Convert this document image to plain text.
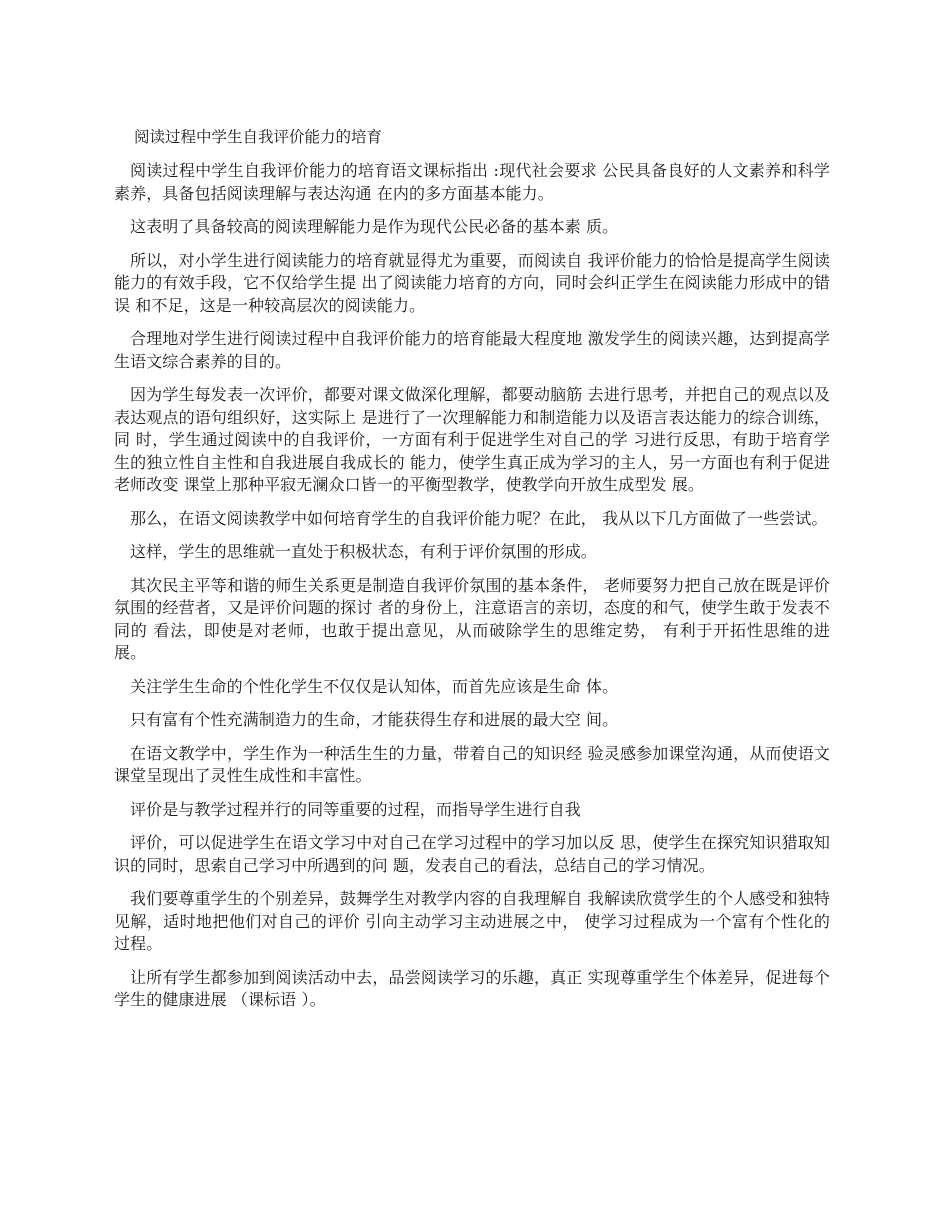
阅读过程中学生自我评价能力的培育

阅读过程中学生自我评价能力的培育语文课标指出 :现代社会要求 公民具备良好的人文素养和科学素养，具备包括阅读理解与表达沟通 在内的多方面基本能力。

这表明了具备较高的阅读理解能力是作为现代公民必备的基本素 质。

所以，对小学生进行阅读能力的培育就显得尤为重要，而阅读自 我评价能力的恰恰是提高学生阅读能力的有效手段，它不仅给学生提 出了阅读能力培育的方向，同时会纠正学生在阅读能力形成中的错误 和不足，这是一种较高层次的阅读能力。

合理地对学生进行阅读过程中自我评价能力的培育能最大程度地 激发学生的阅读兴趣，达到提高学生语文综合素养的目的。

因为学生每发表一次评价，都要对课文做深化理解，都要动脑筋 去进行思考，并把自己的观点以及表达观点的语句组织好，这实际上 是进行了一次理解能力和制造能力以及语言表达能力的综合训练，同 时，学生通过阅读中的自我评价，一方面有利于促进学生对自己的学 习进行反思，有助于培育学生的独立性自主性和自我进展自我成长的 能力，使学生真正成为学习的主人，另一方面也有利于促进老师改变 课堂上那种平寂无澜众口皆一的平衡型教学，使教学向开放生成型发 展。

那么，在语文阅读教学中如何培育学生的自我评价能力呢？在此， 我从以下几方面做了一些尝试。

这样，学生的思维就一直处于积极状态，有利于评价氛围的形成。

其次民主平等和谐的师生关系更是制造自我评价氛围的基本条件， 老师要努力把自己放在既是评价氛围的经营者，又是评价问题的探讨 者的身份上，注意语言的亲切，态度的和气，使学生敢于发表不同的 看法，即使是对老师，也敢于提出意见，从而破除学生的思维定势， 有利于开拓性思维的进展。

关注学生生命的个性化学生不仅仅是认知体，而首先应该是生命 体。

只有富有个性充满制造力的生命，才能获得生存和进展的最大空 间。

在语文教学中，学生作为一种活生生的力量，带着自己的知识经 验灵感参加课堂沟通，从而使语文课堂呈现出了灵性生成性和丰富性。

评价是与教学过程并行的同等重要的过程，而指导学生进行自我

评价，可以促进学生在语文学习中对自己在学习过程中的学习加以反 思，使学生在探究知识猎取知识的同时，思索自己学习中所遇到的问 题，发表自己的看法，总结自己的学习情况。

我们要尊重学生的个别差异，鼓舞学生对教学内容的自我理解自 我解读欣赏学生的个人感受和独特见解，适时地把他们对自己的评价 引向主动学习主动进展之中， 使学习过程成为一个富有个性化的过程。

让所有学生都参加到阅读活动中去，品尝阅读学习的乐趣，真正 实现尊重学生个体差异，促进每个学生的健康进展 （课标语 ）。
